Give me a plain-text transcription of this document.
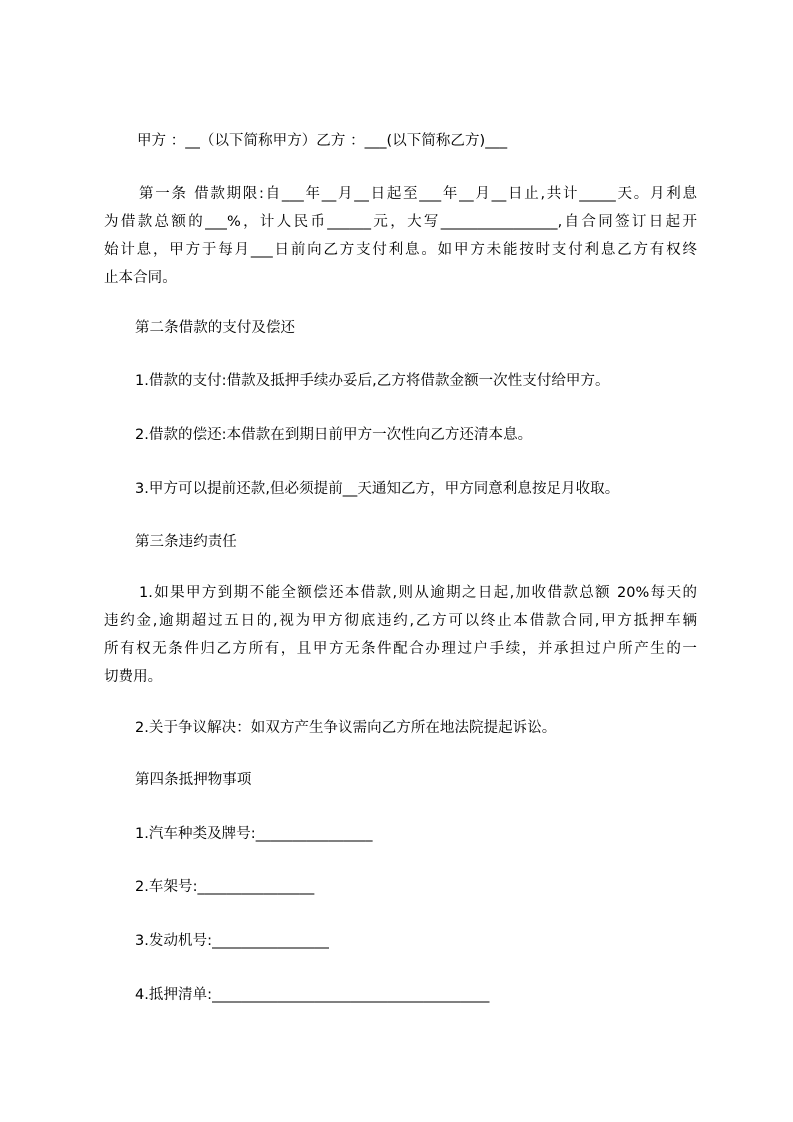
甲方 ：__（以下简称甲方）乙方 ：___(以下简称乙方)___
第一条 借款期限:自___年__月__日起至___年__月__日止,共计_____天。月利息
为借款总额的___%，计人民币______元，大写________________,自合同签订日起开
始计息，甲方于每月___日前向乙方支付利息。如甲方未能按时支付利息乙方有权终
止本合同。
第二条借款的支付及偿还
1.借款的支付:借款及抵押手续办妥后,乙方将借款金额一次性支付给甲方。
2.借款的偿还:本借款在到期日前甲方一次性向乙方还清本息。
3.甲方可以提前还款,但必须提前__天通知乙方，甲方同意利息按足月收取。
第三条违约责任
1.如果甲方到期不能全额偿还本借款,则从逾期之日起,加收借款总额 20%每天的
违约金,逾期超过五日的,视为甲方彻底违约,乙方可以终止本借款合同,甲方抵押车辆
所有权无条件归乙方所有，且甲方无条件配合办理过户手续，并承担过户所产生的一
切费用。
2.关于争议解决：如双方产生争议需向乙方所在地法院提起诉讼。
第四条抵押物事项
1.汽车种类及牌号:________________
2.车架号:________________
3.发动机号:________________
4.抵押清单:______________________________________
